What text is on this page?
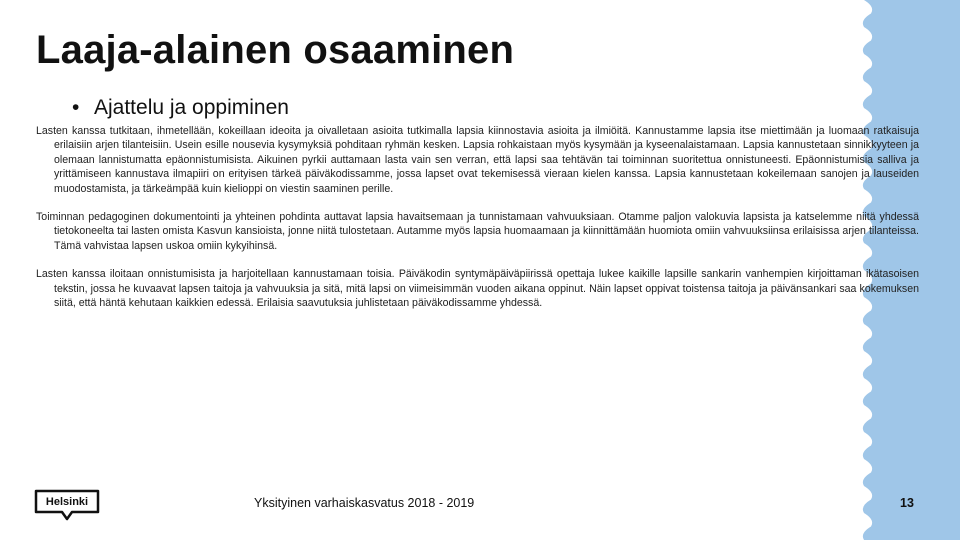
Laaja-alainen osaaminen
• Ajattelu ja oppiminen

Lasten kanssa tutkitaan, ihmetellään, kokeillaan ideoita ja oivalletaan asioita tutkimalla lapsia kiinnostavia asioita ja ilmiöitä. Kannustamme lapsia itse miettimään ja luomaan ratkaisuja erilaisiin arjen tilanteisiin. Usein esille nousevia kysymyksiä pohditaan ryhmän kesken. Lapsia rohkaistaan myös kysymään ja kyseenalaistamaan. Lapsia kannustetaan sinnikkyyteen ja olemaan lannistumatta epäonnistumisista. Aikuinen pyrkii auttamaan lasta vain sen verran, että lapsi saa tehtävän tai toiminnan suoritettua onnistuneesti. Epäonnistumisia salliva ja yrittämiseen kannustava ilmapiiri on erityisen tärkeä päiväkodissamme, jossa lapset ovat tekemisessä vieraan kielen kanssa. Lapsia kannustetaan kokeilemaan sanojen ja lauseiden muodostamista, ja tärkeämpää kuin kielioppi on viestin saaminen perille.

Toiminnan pedagoginen dokumentointi ja yhteinen pohdinta auttavat lapsia havaitsemaan ja tunnistamaan vahvuuksiaan. Otamme paljon valokuvia lapsista ja katselemme niitä yhdessä tietokoneelta tai lasten omista Kasvun kansioista, jonne niitä tulostetaan. Autamme myös lapsia huomaamaan ja kiinnittämään huomiota omiin vahvuuksiinsa erilaisissa arjen tilanteissa. Tämä vahvistaa lapsen uskoa omiin kykyihinsä.

Lasten kanssa iloitaan onnistumisista ja harjoitellaan kannustamaan toisia. Päiväkodin syntymäpäiväpiirissä opettaja lukee kaikille lapsille sankarin vanhempien kirjoittaman ikätasoisen tekstin, jossa he kuvaavat lapsen taitoja ja vahvuuksia ja sitä, mitä lapsi on viimeisimmän vuoden aikana oppinut. Näin lapset oppivat toistensa taitoja ja päivänsankari saa kokemuksen siitä, että häntä kehutaan kaikkien edessä. Erilaisia saavutuksia juhlistetaan päiväkodissamme yhdessä.

Helsinki	Yksityinen varhaiskasvatus 2018 - 2019	13
